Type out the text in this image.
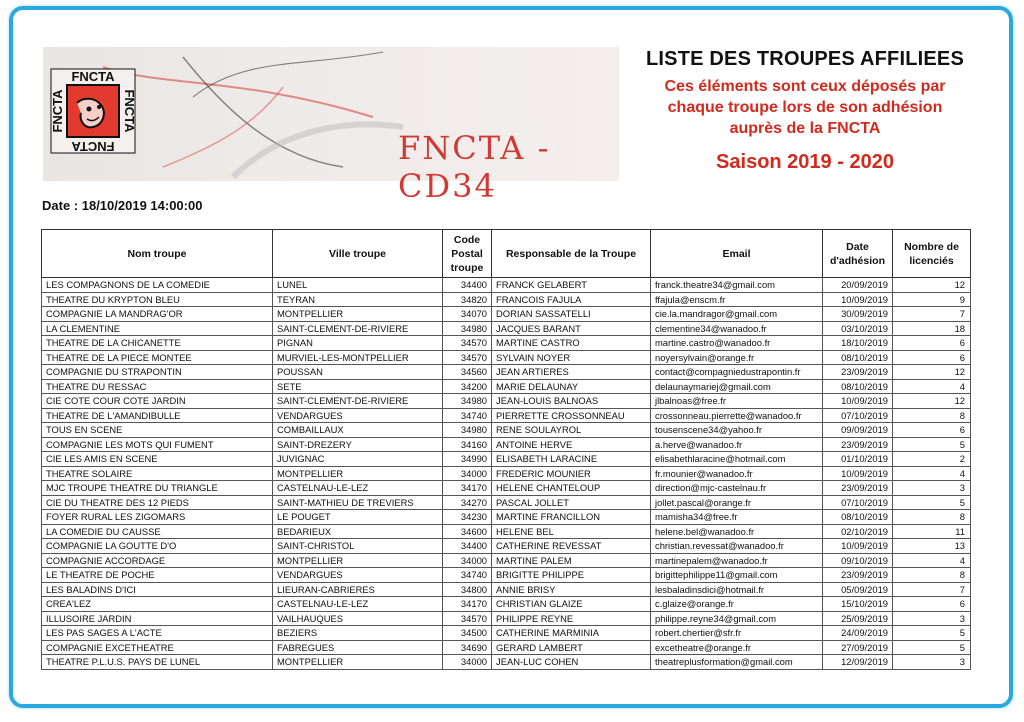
FNCTA
FNCTA
FNCTA	FNCTA
FNCTA - CD34
LISTE DES TROUPES AFFILIEES
Ces éléments sont ceux déposés par
chaque troupe lors de son adhésion
auprès de la FNCTA
Saison 2019 - 2020
Date : 18/10/2019 14:00:00
Nom troupe	Ville troupe	Code Postal troupe	Responsable de la Troupe	Email	Date d'adhésion	Nombre de licenciés
LES COMPAGNONS DE LA COMEDIE	LUNEL	34400	FRANCK GELABERT	franck.theatre34@gmail.com	20/09/2019	12
THEATRE DU KRYPTON BLEU	TEYRAN	34820	FRANCOIS FAJULA	ffajula@enscm.fr	10/09/2019	9
COMPAGNIE LA MANDRAG'OR	MONTPELLIER	34070	DORIAN SASSATELLI	cie.la.mandragor@gmail.com	30/09/2019	7
LA CLEMENTINE	SAINT-CLEMENT-DE-RIVIERE	34980	JACQUES BARANT	clementine34@wanadoo.fr	03/10/2019	18
THEATRE DE LA CHICANETTE	PIGNAN	34570	MARTINE CASTRO	martine.castro@wanadoo.fr	18/10/2019	6
THEATRE DE LA PIECE MONTEE	MURVIEL-LES-MONTPELLIER	34570	SYLVAIN NOYER	noyersylvain@orange.fr	08/10/2019	6
COMPAGNIE DU STRAPONTIN	POUSSAN	34560	JEAN ARTIERES	contact@compagniedustrapontin.fr	23/09/2019	12
THEATRE DU RESSAC	SETE	34200	MARIE DELAUNAY	delaunaymariej@gmail.com	08/10/2019	4
CIE COTE COUR COTE JARDIN	SAINT-CLEMENT-DE-RIVIERE	34980	JEAN-LOUIS BALNOAS	jlbalnoas@free.fr	10/09/2019	12
THEATRE DE L'AMANDIBULLE	VENDARGUES	34740	PIERRETTE CROSSONNEAU	crossonneau.pierrette@wanadoo.fr	07/10/2019	8
TOUS EN SCENE	COMBAILLAUX	34980	RENE SOULAYROL	tousenscene34@yahoo.fr	09/09/2019	6
COMPAGNIE LES MOTS QUI FUMENT	SAINT-DREZERY	34160	ANTOINE HERVE	a.herve@wanadoo.fr	23/09/2019	5
CIE LES AMIS EN SCENE	JUVIGNAC	34990	ELISABETH LARACINE	elisabethlaracine@hotmail.com	01/10/2019	2
THEATRE SOLAIRE	MONTPELLIER	34000	FREDERIC MOUNIER	fr.mounier@wanadoo.fr	10/09/2019	4
MJC TROUPE THEATRE DU TRIANGLE	CASTELNAU-LE-LEZ	34170	HELENE CHANTELOUP	direction@mjc-castelnau.fr	23/09/2019	3
CIE DU THEATRE DES 12 PIEDS	SAINT-MATHIEU DE TREVIERS	34270	PASCAL JOLLET	jollet.pascal@orange.fr	07/10/2019	5
FOYER RURAL LES ZIGOMARS	LE POUGET	34230	MARTINE FRANCILLON	mamisha34@free.fr	08/10/2019	8
LA COMEDIE DU CAUSSE	BEDARIEUX	34600	HELENE BEL	helene.bel@wanadoo.fr	02/10/2019	11
COMPAGNIE LA GOUTTE D'O	SAINT-CHRISTOL	34400	CATHERINE REVESSAT	christian.revessat@wanadoo.fr	10/09/2019	13
COMPAGNIE ACCORDAGE	MONTPELLIER	34000	MARTINE PALEM	martinepalem@wanadoo.fr	09/10/2019	4
LE THEATRE DE POCHE	VENDARGUES	34740	BRIGITTE PHILIPPE	brigittephilippe11@gmail.com	23/09/2019	8
LES BALADINS D'ICI	LIEURAN-CABRIERES	34800	ANNIE BRISY	lesbaladinsdici@hotmail.fr	05/09/2019	7
CREA'LEZ	CASTELNAU-LE-LEZ	34170	CHRISTIAN GLAIZE	c.glaize@orange.fr	15/10/2019	6
ILLUSOIRE JARDIN	VAILHAUQUES	34570	PHILIPPE REYNE	philippe.reyne34@gmail.com	25/09/2019	3
LES PAS SAGES A L'ACTE	BEZIERS	34500	CATHERINE MARMINIA	robert.chertier@sfr.fr	24/09/2019	5
COMPAGNIE EXCETHEATRE	FABREGUES	34690	GERARD LAMBERT	excetheatre@orange.fr	27/09/2019	5
THEATRE P.L.U.S. PAYS DE LUNEL	MONTPELLIER	34000	JEAN-LUC COHEN	theatreplusformation@gmail.com	12/09/2019	3
